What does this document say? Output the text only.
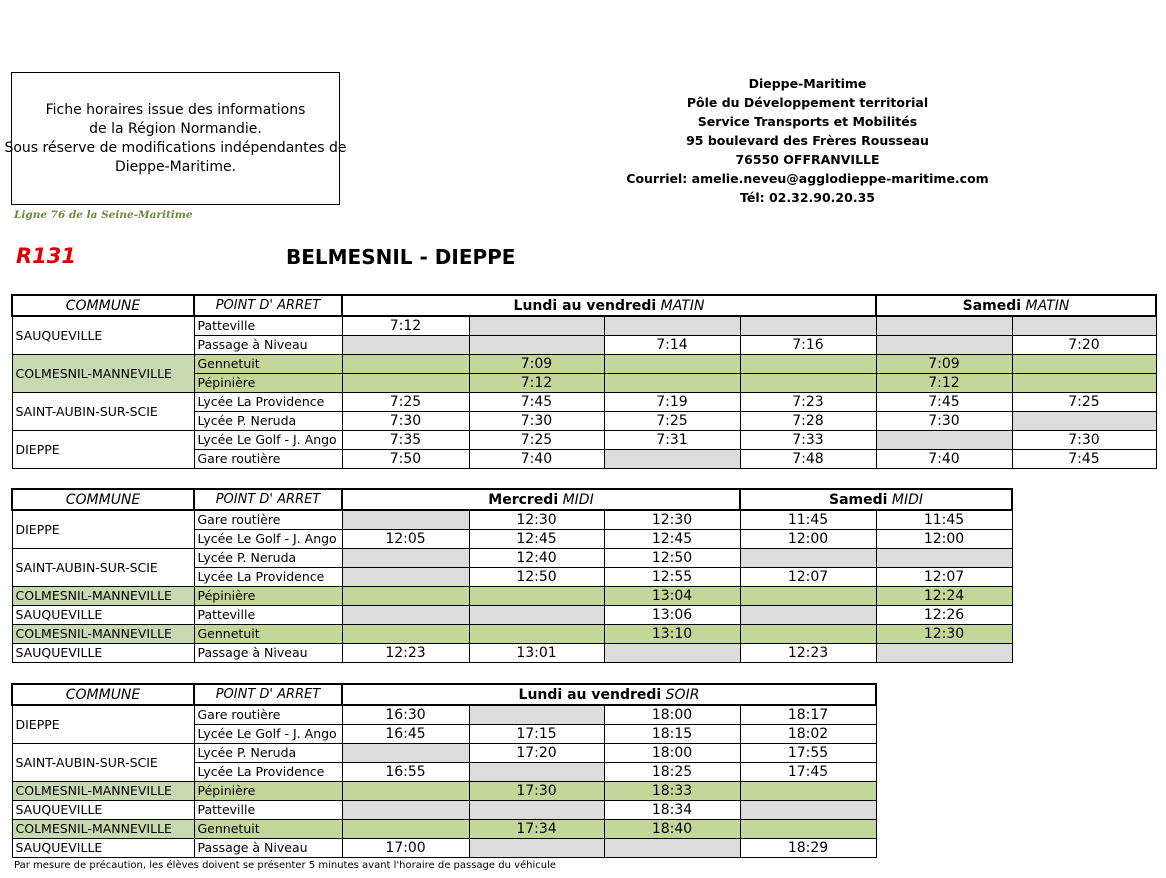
Fiche horaires issue des informations
de la Région Normandie.
Sous réserve de modifications indépendantes de
Dieppe-Maritime.
Ligne 76 de la Seine-Maritime
Dieppe-Maritime
Pôle du Développement territorial
Service Transports et Mobilités
95 boulevard des Frères Rousseau
76550 OFFRANVILLE
Courriel: amelie.neveu@agglodieppe-maritime.com
Tél: 02.32.90.20.35
R131	BELMESNIL - DIEPPE
COMMUNE	POINT D' ARRET	Lundi au vendredi MATIN				Samedi MATIN	
SAUQUEVILLE	Patteville	7:12					
	Passage à Niveau			7:14	7:16		7:20
COLMESNIL-MANNEVILLE	Gennetuit		7:09			7:09	
	Pépinière		7:12			7:12	
SAINT-AUBIN-SUR-SCIE	Lycée La Providence	7:25	7:45	7:19	7:23	7:45	7:25
	Lycée P. Neruda	7:30	7:30	7:25	7:28	7:30	
DIEPPE	Lycée Le Golf - J. Ango	7:35	7:25	7:31	7:33		7:30
	Gare routière	7:50	7:40		7:48	7:40	7:45
COMMUNE	POINT D' ARRET	Mercredi MIDI			Samedi MIDI	
DIEPPE	Gare routière		12:30	12:30	11:45	11:45
	Lycée Le Golf - J. Ango	12:05	12:45	12:45	12:00	12:00
SAINT-AUBIN-SUR-SCIE	Lycée P. Neruda		12:40	12:50		
	Lycée La Providence		12:50	12:55	12:07	12:07
COLMESNIL-MANNEVILLE	Pépinière			13:04		12:24
SAUQUEVILLE	Patteville			13:06		12:26
COLMESNIL-MANNEVILLE	Gennetuit			13:10		12:30
SAUQUEVILLE	Passage à Niveau	12:23	13:01		12:23	
COMMUNE	POINT D' ARRET	Lundi au vendredi SOIR			
DIEPPE	Gare routière	16:30		18:00	18:17
	Lycée Le Golf - J. Ango	16:45	17:15	18:15	18:02
SAINT-AUBIN-SUR-SCIE	Lycée P. Neruda		17:20	18:00	17:55
	Lycée La Providence	16:55		18:25	17:45
COLMESNIL-MANNEVILLE	Pépinière		17:30	18:33	
SAUQUEVILLE	Patteville			18:34	
COLMESNIL-MANNEVILLE	Gennetuit		17:34	18:40	
SAUQUEVILLE	Passage à Niveau	17:00			18:29
Par mesure de précaution, les élèves doivent se présenter 5 minutes avant l'horaire de passage du véhicule
